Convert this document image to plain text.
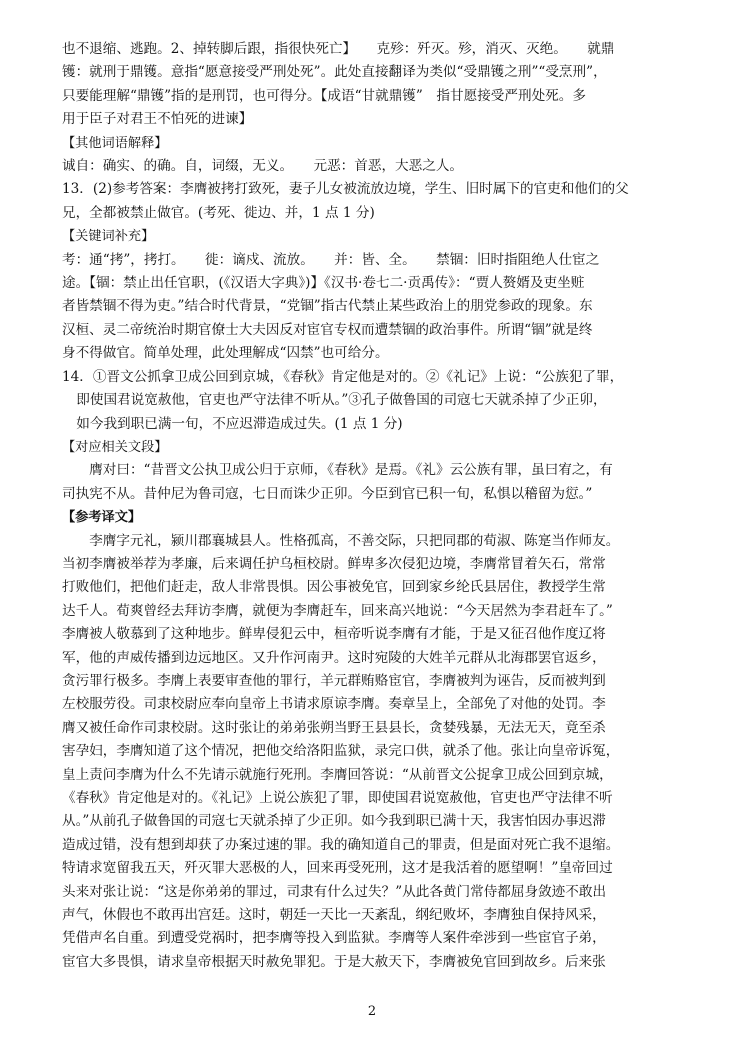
也不退缩、逃跑。2、掉转脚后跟，指很快死亡】　　克殄：歼灭。殄，消灭、灭绝。　　就鼎

镬：就刑于鼎镬。意指“愿意接受严刑处死”。此处直接翻译为类似“受鼎镬之刑”“受烹刑”，

只要能理解“鼎镬”指的是刑罚，也可得分。【成语“甘就鼎镬”　指甘愿接受严刑处死。多

用于臣子对君王不怕死的进谏】

【其他词语解释】

诚自：确实、的确。自，词缀，无义。　　元恶：首恶，大恶之人。

13．(2)参考答案：李膺被拷打致死，妻子儿女被流放边境，学生、旧时属下的官吏和他们的父

兄，全都被禁止做官。(考死、徙边、并，1 点 1 分)

【关键词补充】

考：通“拷”，拷打。　　徙：谪戍、流放。　　并：皆、全。　　禁锢：旧时指阻绝人仕宦之

途。【锢：禁止出任官职，(《汉语大字典》)】《汉书·卷七二·贡禹传》：“贾人赘婿及吏坐赃

者皆禁锢不得为吏。”结合时代背景，“党锢”指古代禁止某些政治上的朋党参政的现象。东

汉桓、灵二帝统治时期官僚士大夫因反对宦官专权而遭禁锢的政治事件。所谓“锢”就是终

身不得做官。简单处理，此处理解成“囚禁”也可给分。

14．①晋文公抓拿卫成公回到京城，《春秋》肯定他是对的。②《礼记》上说：“公族犯了罪，

即使国君说宽赦他，官吏也严守法律不听从。”③孔子做鲁国的司寇七天就杀掉了少正卯，

如今我到职已满一旬，不应迟滞造成过失。(1 点 1 分)

【对应相关文段】

膺对曰：“昔晋文公执卫成公归于京师，《春秋》是焉。《礼》云公族有罪，虽曰宥之，有

司执宪不从。昔仲尼为鲁司寇，七日而诛少正卯。今臣到官已积一旬，私惧以稽留为愆。”

【参考译文】

李膺字元礼，颍川郡襄城县人。性格孤高，不善交际，只把同郡的荀淑、陈寔当作师友。

当初李膺被举荐为孝廉，后来调任护乌桓校尉。鲜卑多次侵犯边境，李膺常冒着矢石，常常

打败他们，把他们赶走，敌人非常畏惧。因公事被免官，回到家乡纶氏县居住，教授学生常

达千人。荀爽曾经去拜访李膺，就便为李膺赶车，回来高兴地说：“今天居然为李君赶车了。”

李膺被人敬慕到了这种地步。鲜卑侵犯云中，桓帝听说李膺有才能，于是又征召他作度辽将

军，他的声威传播到边远地区。又升作河南尹。这时宛陵的大姓羊元群从北海郡罢官返乡，

贪污罪行极多。李膺上表要审查他的罪行，羊元群贿赂宦官，李膺被判为诬告，反而被判到

左校服劳役。司隶校尉应奉向皇帝上书请求原谅李膺。奏章呈上，全部免了对他的处罚。李

膺又被任命作司隶校尉。这时张让的弟弟张朔当野王县县长，贪婪残暴，无法无天，竟至杀

害孕妇，李膺知道了这个情况，把他交给洛阳监狱，录完口供，就杀了他。张让向皇帝诉冤，

皇上责问李膺为什么不先请示就施行死刑。李膺回答说：“从前晋文公捉拿卫成公回到京城，

《春秋》肯定他是对的。《礼记》上说公族犯了罪，即使国君说宽赦他，官吏也严守法律不听

从。”从前孔子做鲁国的司寇七天就杀掉了少正卯。如今我到职已满十天，我害怕因办事迟滞

造成过错，没有想到却获了办案过速的罪。我的确知道自己的罪责，但是面对死亡我不退缩。

特请求宽留我五天，歼灭罪大恶极的人，回来再受死刑，这才是我活着的愿望啊！”皇帝回过

头来对张让说：“这是你弟弟的罪过，司隶有什么过失？”从此各黄门常侍都屈身敛迹不敢出

声气，休假也不敢再出宫廷。这时，朝廷一天比一天紊乱，纲纪败坏，李膺独自保持风采，

凭借声名自重。到遭受党祸时，把李膺等投入到监狱。李膺等人案件牵涉到一些宦官子弟，

宦官大多畏惧，请求皇帝根据天时赦免罪犯。于是大赦天下，李膺被免官回到故乡。后来张

2
